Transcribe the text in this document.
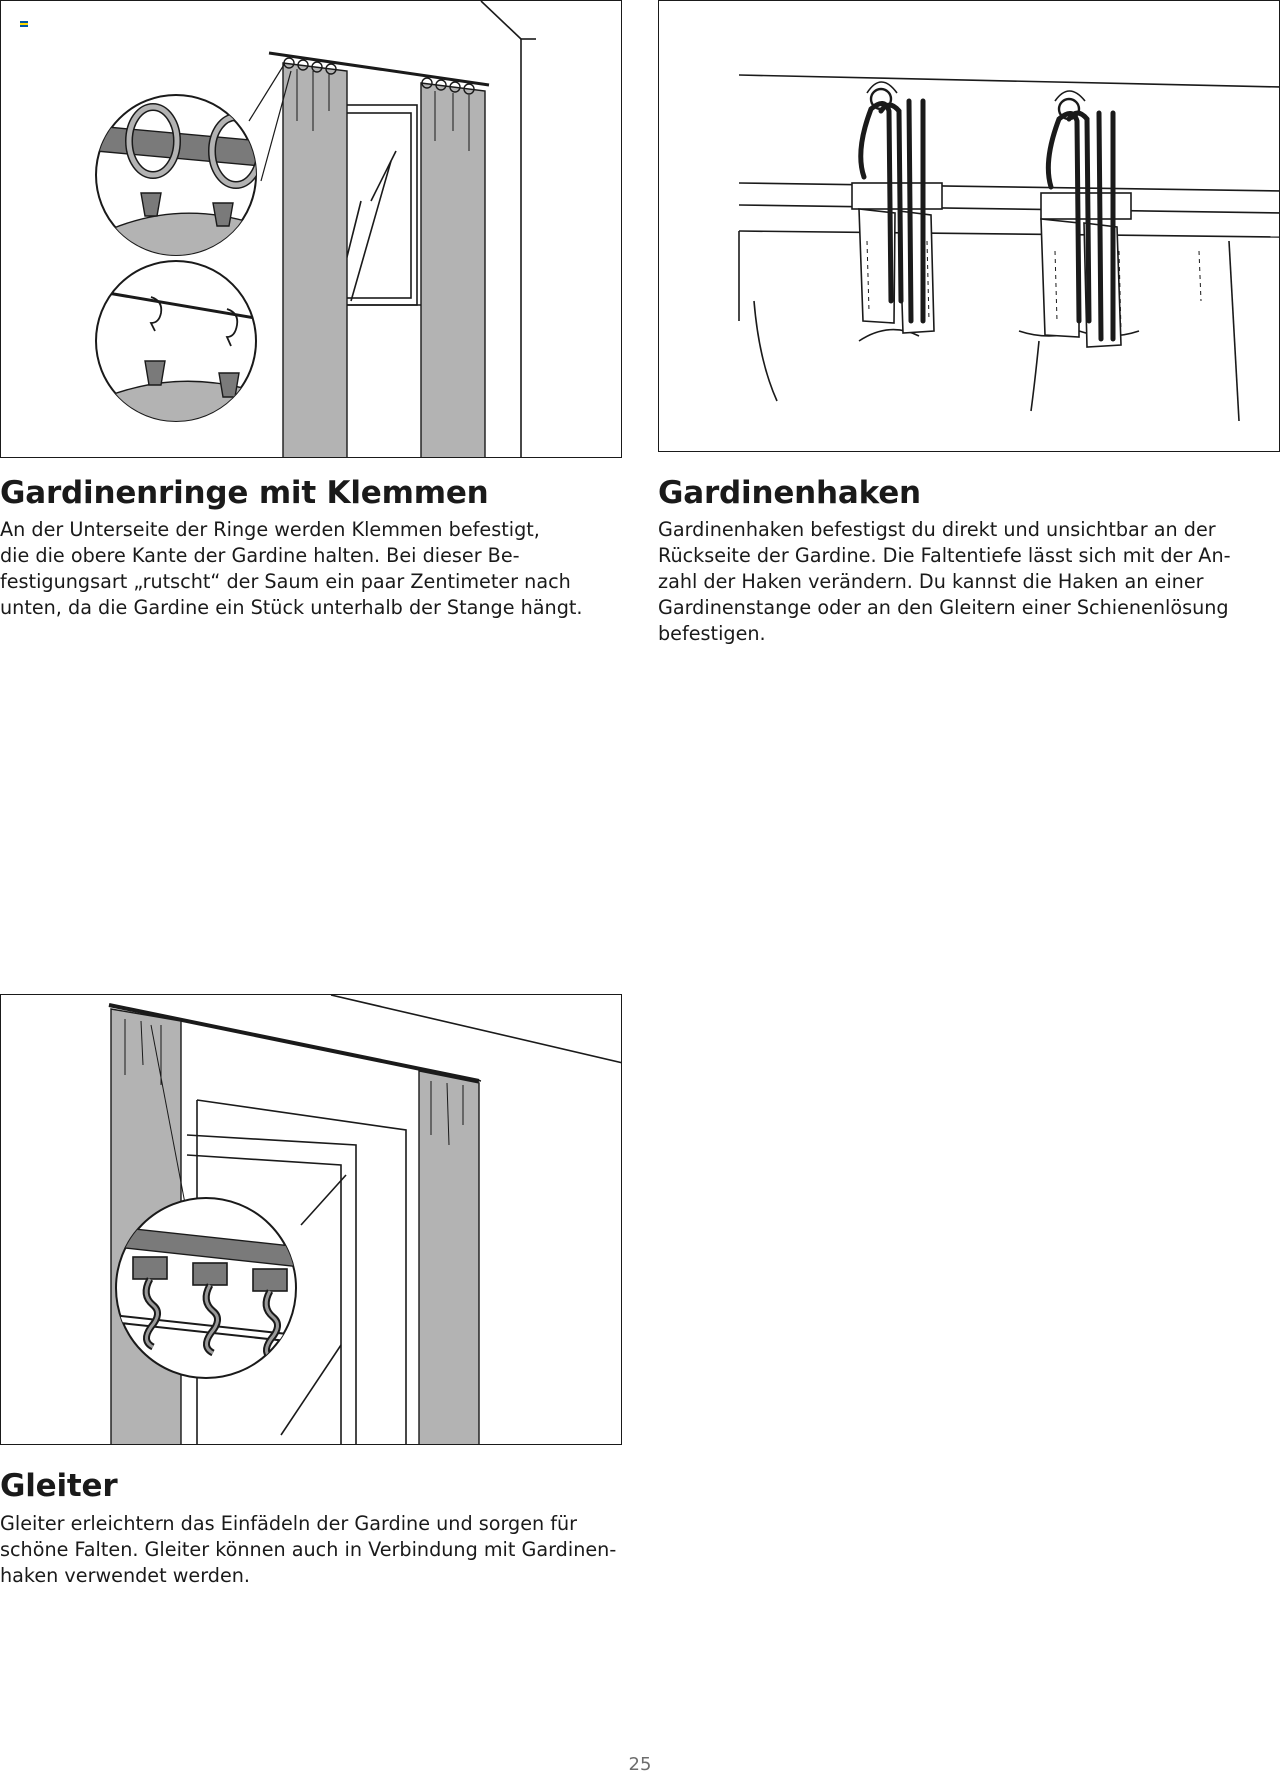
Gardinenringe mit Klemmen

An der Unterseite der Ringe werden Klemmen befestigt,
die die obere Kante der Gardine halten. Bei dieser Be-
festigungsart „rutscht“ der Saum ein paar Zentimeter nach
unten, da die Gardine ein Stück unterhalb der Stange hängt.

Gardinenhaken

Gardinenhaken befestigst du direkt und unsichtbar an der
Rückseite der Gardine. Die Faltentiefe lässt sich mit der An-
zahl der Haken verändern. Du kannst die Haken an einer
Gardinenstange oder an den Gleitern einer Schienenlösung
befestigen.

Gleiter

Gleiter erleichtern das Einfädeln der Gardine und sorgen für
schöne Falten. Gleiter können auch in Verbindung mit Gardinen-
haken verwendet werden.

25
